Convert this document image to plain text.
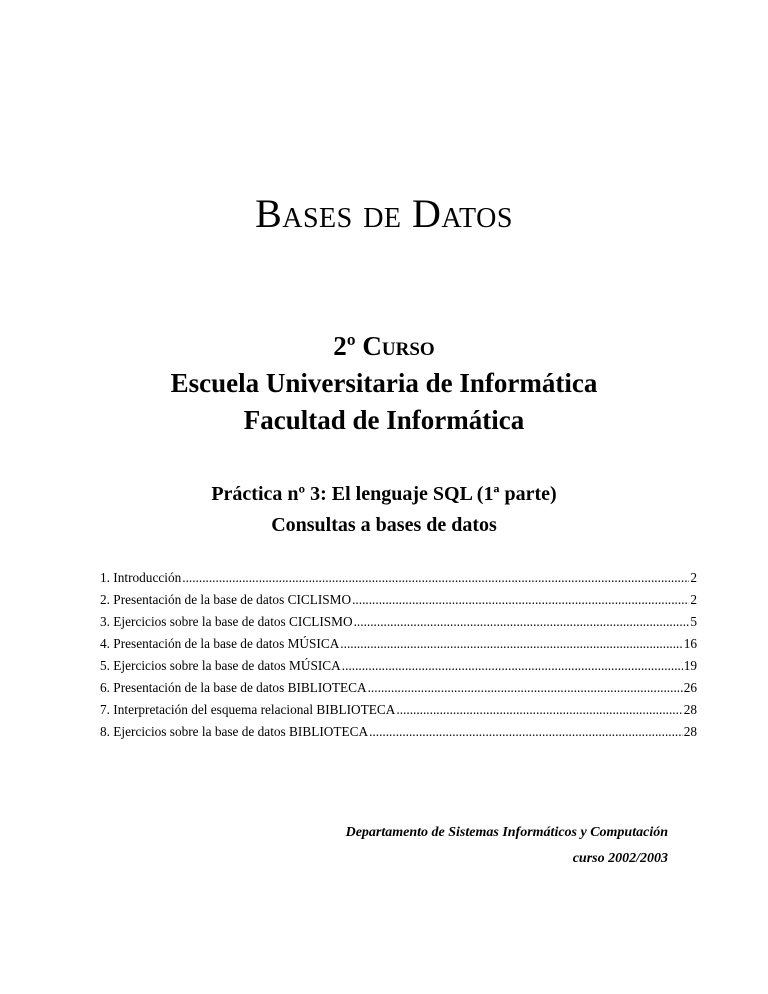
Bases de Datos
2º Curso
Escuela Universitaria de Informática
Facultad de Informática
Práctica nº 3: El lenguaje SQL (1ª parte)
Consultas a bases de datos
1. Introducción .....	2
2. Presentación de la base de datos CICLISMO .....	2
3. Ejercicios sobre la base de datos CICLISMO .....	5
4. Presentación de la base de datos MÚSICA .....	16
5. Ejercicios sobre la base de datos MÚSICA .....	19
6. Presentación de la base de datos BIBLIOTECA .....	26
7. Interpretación del esquema relacional BIBLIOTECA .....	28
8. Ejercicios sobre la base de datos BIBLIOTECA .....	28
Departamento de Sistemas Informáticos y Computación
curso 2002/2003
